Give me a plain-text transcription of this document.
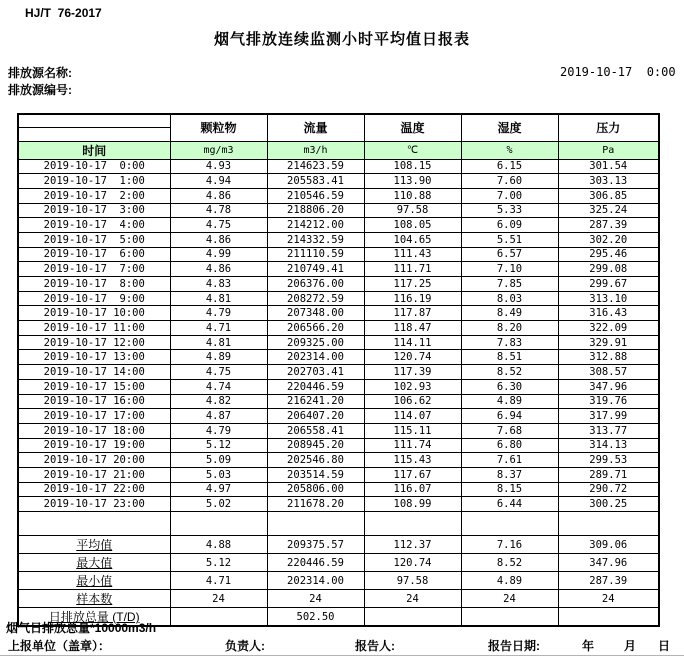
HJ/T  76-2017
烟气排放连续监测小时平均值日报表
排放源名称:
排放源编号:
2019-10-17  0:00
	颗粒物	流量	温度	湿度	压力

时间	mg/m3	m3/h	℃	%	Pa
2019-10-17  0:00	4.93	214623.59	108.15	6.15	301.54
2019-10-17  1:00	4.94	205583.41	113.90	7.60	303.13
2019-10-17  2:00	4.86	210546.59	110.88	7.00	306.85
2019-10-17  3:00	4.78	218806.20	97.58	5.33	325.24
2019-10-17  4:00	4.75	214212.00	108.05	6.09	287.39
2019-10-17  5:00	4.86	214332.59	104.65	5.51	302.20
2019-10-17  6:00	4.99	211110.59	111.43	6.57	295.46
2019-10-17  7:00	4.86	210749.41	111.71	7.10	299.08
2019-10-17  8:00	4.83	206376.00	117.25	7.85	299.67
2019-10-17  9:00	4.81	208272.59	116.19	8.03	313.10
2019-10-17 10:00	4.79	207348.00	117.87	8.49	316.43
2019-10-17 11:00	4.71	206566.20	118.47	8.20	322.09
2019-10-17 12:00	4.81	209325.00	114.11	7.83	329.91
2019-10-17 13:00	4.89	202314.00	120.74	8.51	312.88
2019-10-17 14:00	4.75	202703.41	117.39	8.52	308.57
2019-10-17 15:00	4.74	220446.59	102.93	6.30	347.96
2019-10-17 16:00	4.82	216241.20	106.62	4.89	319.76
2019-10-17 17:00	4.87	206407.20	114.07	6.94	317.99
2019-10-17 18:00	4.79	206558.41	115.11	7.68	313.77
2019-10-17 19:00	5.12	208945.20	111.74	6.80	314.13
2019-10-17 20:00	5.09	202546.80	115.43	7.61	299.53
2019-10-17 21:00	5.03	203514.59	117.67	8.37	289.71
2019-10-17 22:00	4.97	205806.00	116.07	8.15	290.72
2019-10-17 23:00	5.02	211678.20	108.99	6.44	300.25

平均值	4.88	209375.57	112.37	7.16	309.06
最大值	5.12	220446.59	120.74	8.52	347.96
最小值	4.71	202314.00	97.58	4.89	287.39
样本数	24	24	24	24	24
日排放总量 (T/D)		502.50			
烟气日排放总量*10000m3/h
上报单位（盖章）：	负责人:	报告人:	报告日期:	年 月 日
